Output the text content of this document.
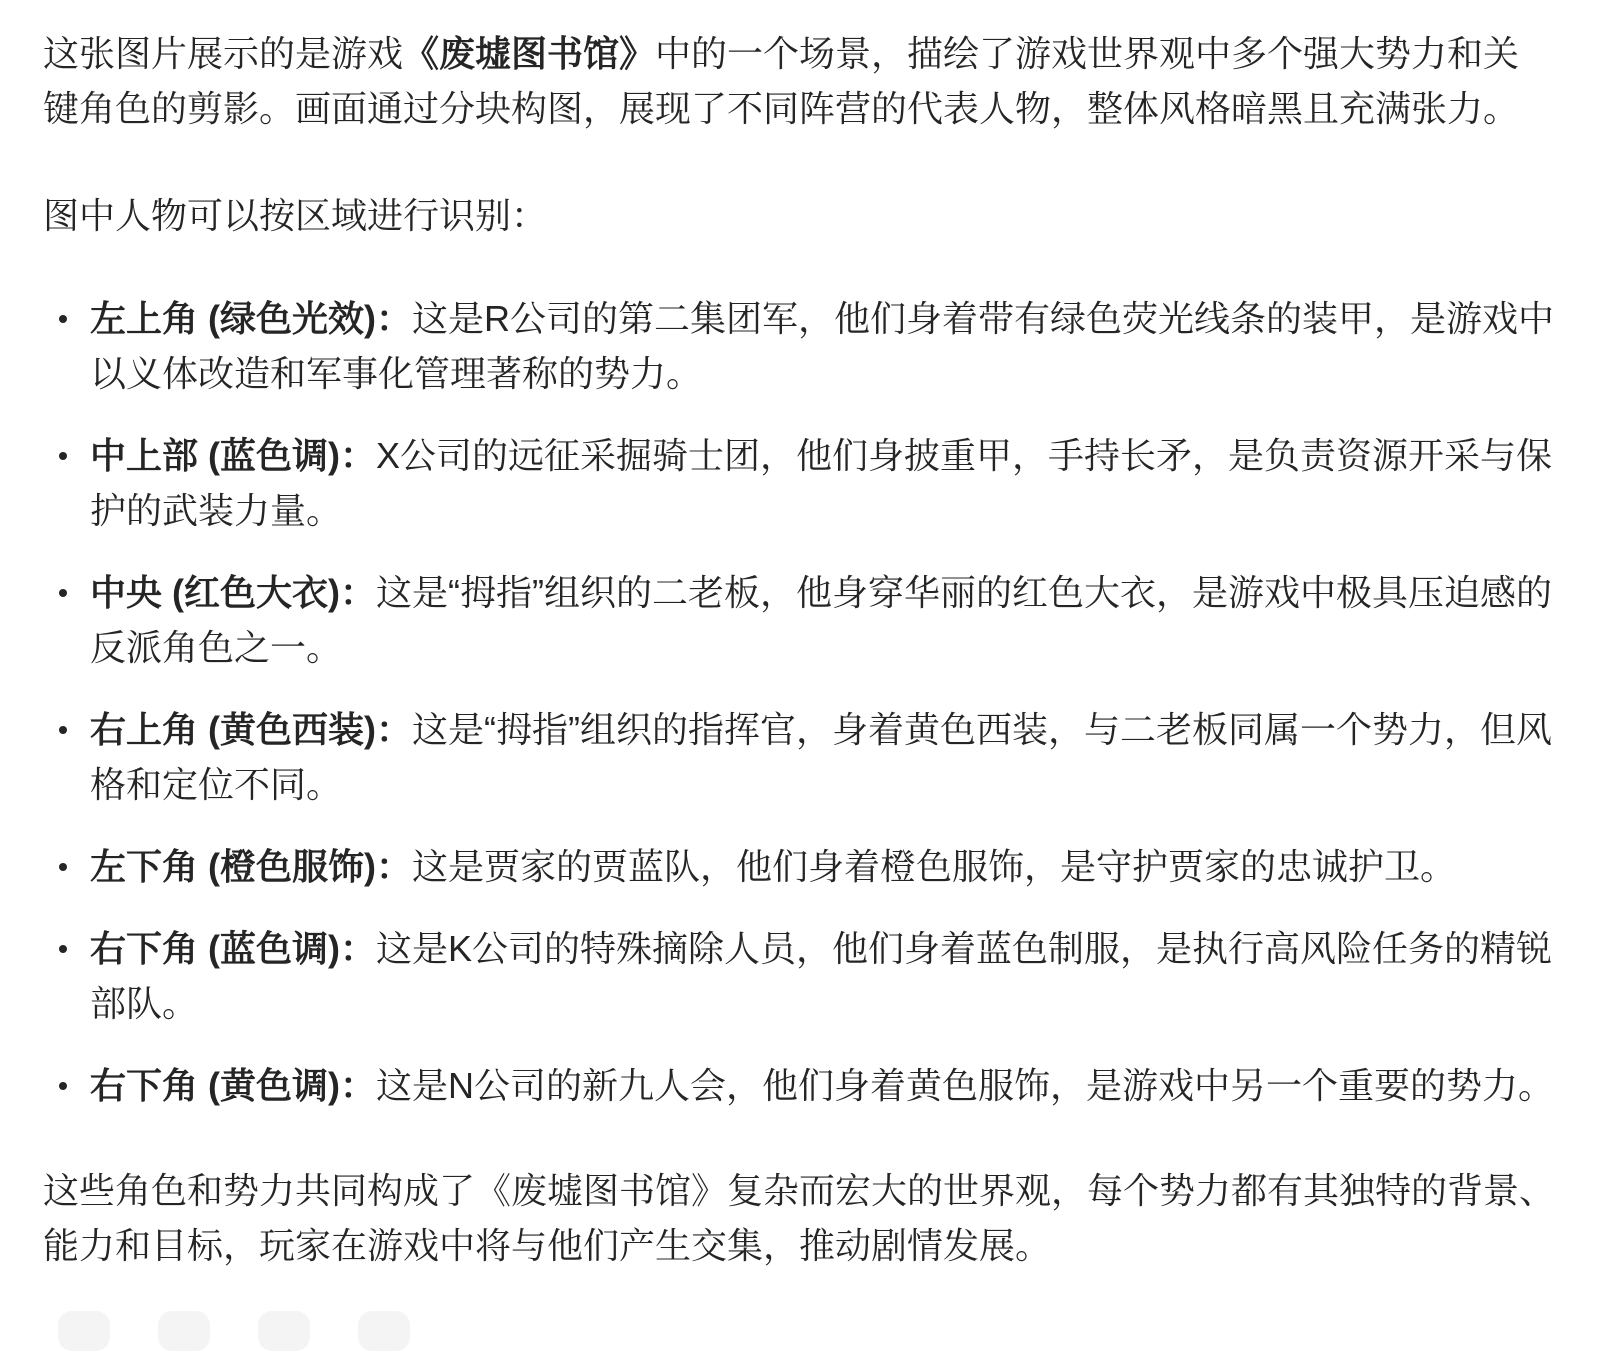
这张图片展示的是游戏《废墟图书馆》中的一个场景，描绘了游戏世界观中多个强大势力和关键角色的剪影。画面通过分块构图，展现了不同阵营的代表人物，整体风格暗黑且充满张力。

图中人物可以按区域进行识别：

左上角 (绿色光效)：这是R公司的第二集团军，他们身着带有绿色荧光线条的装甲，是游戏中以义体改造和军事化管理著称的势力。
中上部 (蓝色调)：X公司的远征采掘骑士团，他们身披重甲，手持长矛，是负责资源开采与保护的武装力量。
中央 (红色大衣)：这是“拇指”组织的二老板，他身穿华丽的红色大衣，是游戏中极具压迫感的反派角色之一。
右上角 (黄色西装)：这是“拇指”组织的指挥官，身着黄色西装，与二老板同属一个势力，但风格和定位不同。
左下角 (橙色服饰)：这是贾家的贾蓝队，他们身着橙色服饰，是守护贾家的忠诚护卫。
右下角 (蓝色调)：这是K公司的特殊摘除人员，他们身着蓝色制服，是执行高风险任务的精锐部队。
右下角 (黄色调)：这是N公司的新九人会，他们身着黄色服饰，是游戏中另一个重要的势力。

这些角色和势力共同构成了《废墟图书馆》复杂而宏大的世界观，每个势力都有其独特的背景、能力和目标，玩家在游戏中将与他们产生交集，推动剧情发展。
